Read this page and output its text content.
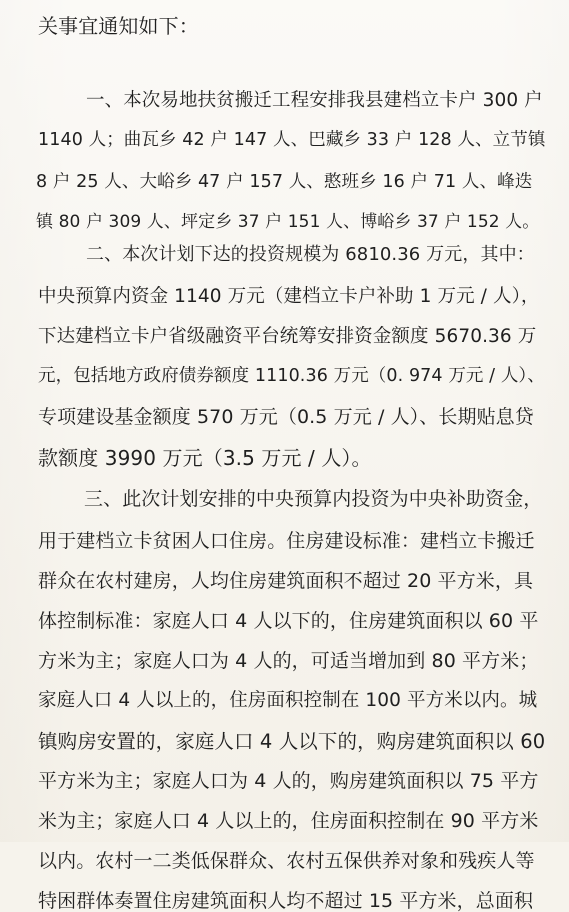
关事宜通知如下：
一、本次易地扶贫搬迁工程安排我县建档立卡户 300 户
1140 人；曲瓦乡 42 户 147 人、巴藏乡 33 户 128 人、立节镇
8 户 25 人、大峪乡 47 户 157 人、憨班乡 16 户 71 人、峰迭
镇 80 户 309 人、坪定乡 37 户 151 人、博峪乡 37 户 152 人。
二、本次计划下达的投资规模为 6810.36 万元，其中：
中央预算内资金 1140 万元（建档立卡户补助 1 万元 / 人），
下达建档立卡户省级融资平台统筹安排资金额度 5670.36 万
元，包括地方政府债券额度 1110.36 万元（0. 974 万元 / 人）、
专项建设基金额度 570 万元（0.5 万元 / 人）、长期贴息贷
款额度 3990 万元（3.5 万元 / 人）。
三、此次计划安排的中央预算内投资为中央补助资金，
用于建档立卡贫困人口住房。住房建设标准：建档立卡搬迁
群众在农村建房，人均住房建筑面积不超过 20 平方米，具
体控制标准：家庭人口 4 人以下的，住房建筑面积以 60 平
方米为主；家庭人口为 4 人的，可适当增加到 80 平方米；
家庭人口 4 人以上的，住房面积控制在 100 平方米以内。城
镇购房安置的，家庭人口 4 人以下的，购房建筑面积以 60
平方米为主；家庭人口为 4 人的，购房建筑面积以 75 平方
米为主；家庭人口 4 人以上的，住房面积控制在 90 平方米
以内。农村一二类低保群众、农村五保供养对象和残疾人等
特困群体奏置住房建筑面积人均不超过 15 平方米，总面积
